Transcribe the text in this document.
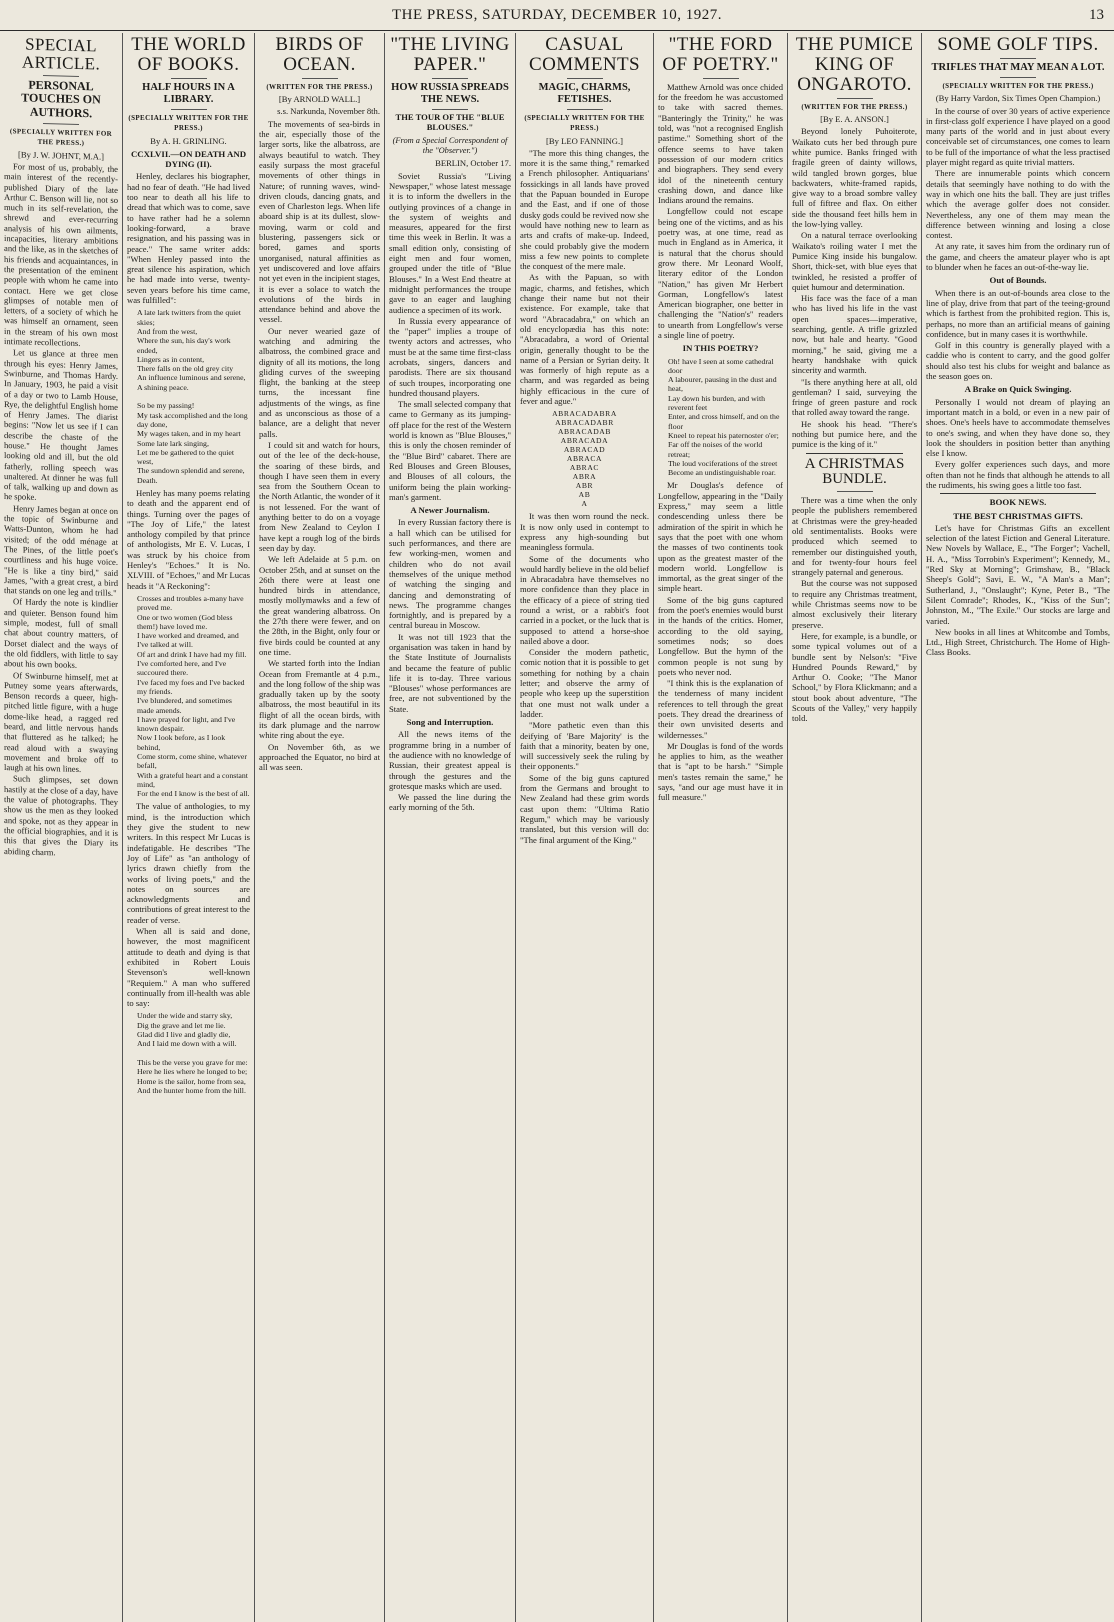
THE PRESS, SATURDAY, DECEMBER 10, 1927.	13
SPECIAL ARTICLE.
PERSONAL TOUCHES ON AUTHORS.
(SPECIALLY WRITTEN FOR THE PRESS.)
[By J. W. JOHNT, M.A.]

For most of us, probably, the main interest of the recently-published Diary of the late Arthur C. Benson will lie, not so much in its self-revelation, the shrewd and ever-recurring analysis of his own ailments, incapacities, literary ambitions and the like, as in the sketches of his friends and acquaintances, in the presentation of the eminent people with whom he came into contact. Here we get close glimpses of notable men of letters, of a society of which he was himself an ornament, seen in the stream of his own most intimate recollections.

Let us glance at three men through his eyes: Henry James, Swinburne, and Thomas Hardy. In January, 1903, he paid a visit of a day or two to Lamb House, Rye, the delightful English home of Henry James. The diarist begins: "Now let us see if I can describe the chaste of the house." He thought James looking old and ill, but the old fatherly, rolling speech was unaltered. At dinner he was full of talk, walking up and down as he spoke.

Henry James began at once on the topic of Swinburne and Watts-Dunton, whom he had visited; of the odd ménage at The Pines, of the little poet's courtliness and his huge voice. "He is like a tiny bird," said James, "with a great crest, a bird that stands on one leg and trills."

Of Hardy the note is kindlier and quieter. Benson found him simple, modest, full of small chat about country matters, of Dorset dialect and the ways of the old fiddlers, with little to say about his own books.

Of Swinburne himself, met at Putney some years afterwards, Benson records a queer, high-pitched little figure, with a huge dome-like head, a ragged red beard, and little nervous hands that fluttered as he talked; he read aloud with a swaying movement and broke off to laugh at his own lines.

Such glimpses, set down hastily at the close of a day, have the value of photographs. They show us the men as they looked and spoke, not as they appear in the official biographies, and it is this that gives the Diary its abiding charm.

THE WORLD OF BOOKS.
HALF HOURS IN A LIBRARY.
(SPECIALLY WRITTEN FOR THE PRESS.)
By A. H. GRINLING.
CCXLVII.—ON DEATH AND DYING (II).

Henley, declares his biographer, had no fear of death. "He had lived too near to death all his life to dread that which was to come, save to have rather had he a solemn looking-forward, a brave resignation, and his passing was in peace." The same writer adds: "When Henley passed into the great silence his aspiration, which he had made into verse, twenty-seven years before his time came, was fulfilled":

A late lark twitters from the quiet skies;
And from the west,
Where the sun, his day's work ended,
Lingers as in content,
There falls on the old grey city
An influence luminous and serene,
A shining peace.

So be my passing!
My task accomplished and the long day done,
My wages taken, and in my heart
Some late lark singing,
Let me be gathered to the quiet west,
The sundown splendid and serene,
Death.

Henley has many poems relating to death and the apparent end of things. Turning over the pages of "The Joy of Life," the latest anthology compiled by that prince of anthologists, Mr E. V. Lucas, I was struck by his choice from Henley's "Echoes." It is No. XLVIII. of "Echoes," and Mr Lucas heads it "A Reckoning":

Crosses and troubles a-many have proved me.
One or two women (God bless them!) have loved me.
I have worked and dreamed, and I've talked at will.
Of art and drink I have had my fill.
I've comforted here, and I've succoured there.
I've faced my foes and I've backed my friends.
I've blundered, and sometimes made amends.
I have prayed for light, and I've known despair.
Now I look before, as I look behind,
Come storm, come shine, whatever befall,
With a grateful heart and a constant mind,
For the end I know is the best of all.

The value of anthologies, to my mind, is the introduction which they give the student to new writers. In this respect Mr Lucas is indefatigable. He describes "The Joy of Life" as "an anthology of lyrics drawn chiefly from the works of living poets," and the notes on sources are acknowledgments and contributions of great interest to the reader of verse.

When all is said and done, however, the most magnificent attitude to death and dying is that exhibited in Robert Louis Stevenson's well-known "Requiem." A man who suffered continually from ill-health was able to say:

Under the wide and starry sky,
Dig the grave and let me lie.
Glad did I live and gladly die,
And I laid me down with a will.

This be the verse you grave for me:
Here he lies where he longed to be;
Home is the sailor, home from sea,
And the hunter home from the hill.
BIRDS OF OCEAN.
(WRITTEN FOR THE PRESS.)
[By ARNOLD WALL.]
s.s. Narkunda, November 8th.

The movements of sea-birds in the air, especially those of the larger sorts, like the albatross, are always beautiful to watch. They easily surpass the most graceful movements of other things in Nature; of running waves, wind-driven clouds, dancing gnats, and even of Charleston legs. When life aboard ship is at its dullest, slow-moving, warm or cold and blustering, passengers sick or bored, games and sports unorganised, natural affinities as yet undiscovered and love affairs not yet even in the incipient stages, it is ever a solace to watch the evolutions of the birds in attendance behind and above the vessel.

Our never wearied gaze of watching and admiring the albatross, the combined grace and dignity of all its motions, the long gliding curves of the sweeping flight, the banking at the steep turns, the incessant fine adjustments of the wings, as fine and as unconscious as those of a balance, are a delight that never palls.

I could sit and watch for hours, out of the lee of the deck-house, the soaring of these birds, and though I have seen them in every sea from the Southern Ocean to the North Atlantic, the wonder of it is not lessened. For the want of anything better to do on a voyage from New Zealand to Ceylon I have kept a rough log of the birds seen day by day.

We left Adelaide at 5 p.m. on October 25th, and at sunset on the 26th there were at least one hundred birds in attendance, mostly mollymawks and a few of the great wandering albatross. On the 27th there were fewer, and on the 28th, in the Bight, only four or five birds could be counted at any one time.

We started forth into the Indian Ocean from Fremantle at 4 p.m., and the long follow of the ship was gradually taken up by the sooty albatross, the most beautiful in its flight of all the ocean birds, with its dark plumage and the narrow white ring about the eye.

On November 6th, as we approached the Equator, no bird at all was seen.

"THE LIVING PAPER."
HOW RUSSIA SPREADS THE NEWS.
THE TOUR OF THE "BLUE BLOUSES."
(From a Special Correspondent of the "Observer.")
BERLIN, October 17.

Soviet Russia's "Living Newspaper," whose latest message it is to inform the dwellers in the outlying provinces of a change in the system of weights and measures, appeared for the first time this week in Berlin. It was a small edition only, consisting of eight men and four women, grouped under the title of "Blue Blouses." In a West End theatre at midnight performances the troupe gave to an eager and laughing audience a specimen of its work.

In Russia every appearance of the "paper" implies a troupe of twenty actors and actresses, who must be at the same time first-class acrobats, singers, dancers and parodists. There are six thousand of such troupes, incorporating one hundred thousand players.

The small selected company that came to Germany as its jumping-off place for the rest of the Western world is known as "Blue Blouses," this is only the chosen reminder of the "Blue Bird" cabaret. There are Red Blouses and Green Blouses, and Blouses of all colours, the uniform being the plain working-man's garment.

A Newer Journalism.

In every Russian factory there is a hall which can be utilised for such performances, and there are few working-men, women and children who do not avail themselves of the unique method of watching the singing and dancing and demonstrating of news. The programme changes fortnightly, and is prepared by a central bureau in Moscow.

It was not till 1923 that the organisation was taken in hand by the State Institute of Journalists and became the feature of public life it is to-day. Three various "Blouses" whose performances are free, are not subventioned by the State.

Song and Interruption.

All the news items of the programme bring in a number of the audience with no knowledge of Russian, their greatest appeal is through the gestures and the grotesque masks which are used.

We passed the line during the early morning of the 5th.

CASUAL COMMENTS
MAGIC, CHARMS, FETISHES.
(SPECIALLY WRITTEN FOR THE PRESS.)
[By LEO FANNING.]

"The more this thing changes, the more it is the same thing," remarked a French philosopher. Antiquarians' fossickings in all lands have proved that the Papuan bounded in Europe and the East, and if one of those dusky gods could be revived now she would have nothing new to learn as arts and crafts of make-up. Indeed, she could probably give the modern miss a few new points to complete the conquest of the mere male.

As with the Papuan, so with magic, charms, and fetishes, which change their name but not their existence. For example, take that word "Abracadabra," on which an old encyclopædia has this note: "Abracadabra, a word of Oriental origin, generally thought to be the name of a Persian or Syrian deity. It was formerly of high repute as a charm, and was regarded as being highly efficacious in the cure of fever and ague."

ABRACADABRA
ABRACADABR
ABRACADAB
ABRACADA
ABRACAD
ABRACA
ABRAC
ABRA
ABR
AB
A

It was then worn round the neck. It is now only used in contempt to express any high-sounding but meaningless formula.

Some of the documents who would hardly believe in the old belief in Abracadabra have themselves no more confidence than they place in the efficacy of a piece of string tied round a wrist, or a rabbit's foot carried in a pocket, or the luck that is supposed to attend a horse-shoe nailed above a door.

Consider the modern pathetic, comic notion that it is possible to get something for nothing by a chain letter; and observe the army of people who keep up the superstition that one must not walk under a ladder.

"More pathetic even than this deifying of 'Bare Majority' is the faith that a minority, beaten by one, will successively seek the ruling by their opponents."

Some of the big guns captured from the Germans and brought to New Zealand had these grim words cast upon them: "Ultima Ratio Regum," which may be variously translated, but this version will do: "The final argument of the King."

"THE FORD OF POETRY."

Matthew Arnold was once chided for the freedom he was accustomed to take with sacred themes. "Banteringly the Trinity," he was told, was "not a recognised English pastime." Something short of the offence seems to have taken possession of our modern critics and biographers. They send every idol of the nineteenth century crashing down, and dance like Indians around the remains.

Longfellow could not escape being one of the victims, and as his poetry was, at one time, read as much in England as in America, it is natural that the chorus should grow there. Mr Leonard Woolf, literary editor of the London "Nation," has given Mr Herbert Gorman, Longfellow's latest American biographer, one better in challenging the "Nation's" readers to unearth from Longfellow's verse a single line of poetry.

IN THIS POETRY?
Oh! have I seen at some cathedral door
A labourer, pausing in the dust and heat,
Lay down his burden, and with reverent feet
Enter, and cross himself, and on the floor
Kneel to repeat his paternoster o'er;
Far off the noises of the world retreat;
The loud vociferations of the street
Become an undistinguishable roar.

Mr Douglas's defence of Longfellow, appearing in the "Daily Express," may seem a little condescending unless there be admiration of the spirit in which he says that the poet with one whom the masses of two continents took upon as the greatest master of the modern world. Longfellow is immortal, as the great singer of the simple heart.

Some of the big guns captured from the poet's enemies would burst in the hands of the critics. Homer, according to the old saying, sometimes nods; so does Longfellow. But the hymn of the common people is not sung by poets who never nod.

"I think this is the explanation of the tenderness of many incident references to tell through the great poets. They dread the dreariness of their own unvisited deserts and wildernesses."

Mr Douglas is fond of the words he applies to him, as the weather that is "apt to be harsh." "Simple men's tastes remain the same," he says, "and our age must have it in full measure."

THE PUMICE KING OF ONGAROTO.
(WRITTEN FOR THE PRESS.)
[By E. A. ANSON.]

Beyond lonely Puhoiterote, Waikato cuts her bed through pure white pumice. Banks fringed with fragile green of dainty willows, wild tangled brown gorges, blue backwaters, white-framed rapids, give way to a broad sombre valley full of fiftree and flax. On either side the thousand feet hills hem in the low-lying valley.

On a natural terrace overlooking Waikato's roiling water I met the Pumice King inside his bungalow. Short, thick-set, with blue eyes that twinkled, he resisted a proffer of quiet humour and determination.

His face was the face of a man who has lived his life in the vast open spaces—imperative, searching, gentle. A trifle grizzled now, but hale and hearty. "Good morning," he said, giving me a hearty handshake with quick sincerity and warmth.

"Is there anything here at all, old gentleman? I said, surveying the fringe of green pasture and rock that rolled away toward the range.

He shook his head. "There's nothing but pumice here, and the pumice is the king of it."

A CHRISTMAS BUNDLE.

There was a time when the only people the publishers remembered at Christmas were the grey-headed old sentimentalists. Books were produced which seemed to remember our distinguished youth, and for twenty-four hours feel strangely paternal and generous.

But the course was not supposed to require any Christmas treatment, while Christmas seems now to be almost exclusively their literary preserve.

Here, for example, is a bundle, or some typical volumes out of a bundle sent by Nelson's: "Five Hundred Pounds Reward," by Arthur O. Cooke; "The Manor School," by Flora Klickmann; and a stout book about adventure, "The Scouts of the Valley," very happily told.

SOME GOLF TIPS.
TRIFLES THAT MAY MEAN A LOT.
(SPECIALLY WRITTEN FOR THE PRESS.)
(By Harry Vardon, Six Times Open Champion.)

In the course of over 30 years of active experience in first-class golf experience I have played on a good many parts of the world and in just about every conceivable set of circumstances, one comes to learn to be full of the importance of what the less practised player might regard as quite trivial matters.

There are innumerable points which concern details that seemingly have nothing to do with the way in which one hits the ball. They are just trifles which the average golfer does not consider. Nevertheless, any one of them may mean the difference between winning and losing a close contest.

At any rate, it saves him from the ordinary run of the game, and cheers the amateur player who is apt to blunder when he faces an out-of-the-way lie.

Out of Bounds.

When there is an out-of-bounds area close to the line of play, drive from that part of the teeing-ground which is farthest from the prohibited region. This is, perhaps, no more than an artificial means of gaining confidence, but in many cases it is worthwhile.

Golf in this country is generally played with a caddie who is content to carry, and the good golfer should also test his clubs for weight and balance as the season goes on.

A Brake on Quick Swinging.

Personally I would not dream of playing an important match in a bold, or even in a new pair of shoes. One's heels have to accommodate themselves to one's swing, and when they have done so, they look the shoulders in position better than anything else I know.

Every golfer experiences such days, and more often than not he finds that although he attends to all the rudiments, his swing goes a little too fast.

BOOK NEWS.
THE BEST CHRISTMAS GIFTS.

Let's have for Christmas Gifts an excellent selection of the latest Fiction and General Literature. New Novels by Wallace, E., "The Forger"; Vachell, H. A., "Miss Torrobin's Experiment"; Kennedy, M., "Red Sky at Morning"; Grimshaw, B., "Black Sheep's Gold"; Savi, E. W., "A Man's a Man"; Sutherland, J., "Onslaught"; Kyne, Peter B., "The Silent Comrade"; Rhodes, K., "Kiss of the Sun"; Johnston, M., "The Exile." Our stocks are large and varied.

New books in all lines at Whitcombe and Tombs, Ltd., High Street, Christchurch. The Home of High-Class Books.
